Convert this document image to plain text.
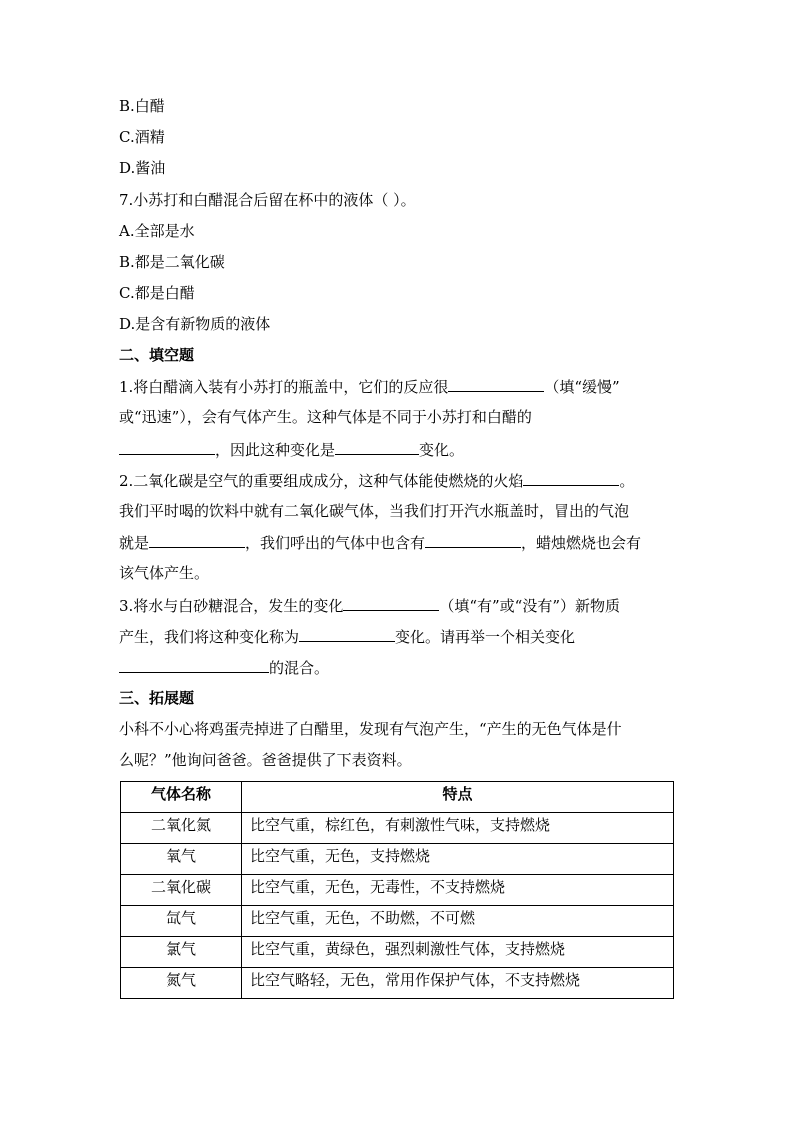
B.白醋
C.酒精
D.酱油
7.小苏打和白醋混合后留在杯中的液体（ ）。
A.全部是水
B.都是二氧化碳
C.都是白醋
D.是含有新物质的液体
二、填空题
1.将白醋滴入装有小苏打的瓶盖中，它们的反应很	（填“缓慢”
或“迅速”），会有气体产生。这种气体是不同于小苏打和白醋的
，因此这种变化是	变化。
2.二氧化碳是空气的重要组成成分，这种气体能使燃烧的火焰	。
我们平时喝的饮料中就有二氧化碳气体，当我们打开汽水瓶盖时，冒出的气泡
就是	，我们呼出的气体中也含有	，蜡烛燃烧也会有
该气体产生。
3.将水与白砂糖混合，发生的变化	（填“有”或“没有”）新物质
产生，我们将这种变化称为	变化。请再举一个相关变化
的混合。
三、拓展题
小科不小心将鸡蛋壳掉进了白醋里，发现有气泡产生，“产生的无色气体是什
么呢？”他询问爸爸。爸爸提供了下表资料。
气体名称	特点
二氧化氮	比空气重，棕红色，有刺激性气味，支持燃烧
氧气	比空气重，无色，支持燃烧
二氧化碳	比空气重，无色，无毒性，不支持燃烧
氙气	比空气重，无色，不助燃，不可燃
氯气	比空气重，黄绿色，强烈刺激性气体，支持燃烧
氮气	比空气略轻，无色，常用作保护气体，不支持燃烧
